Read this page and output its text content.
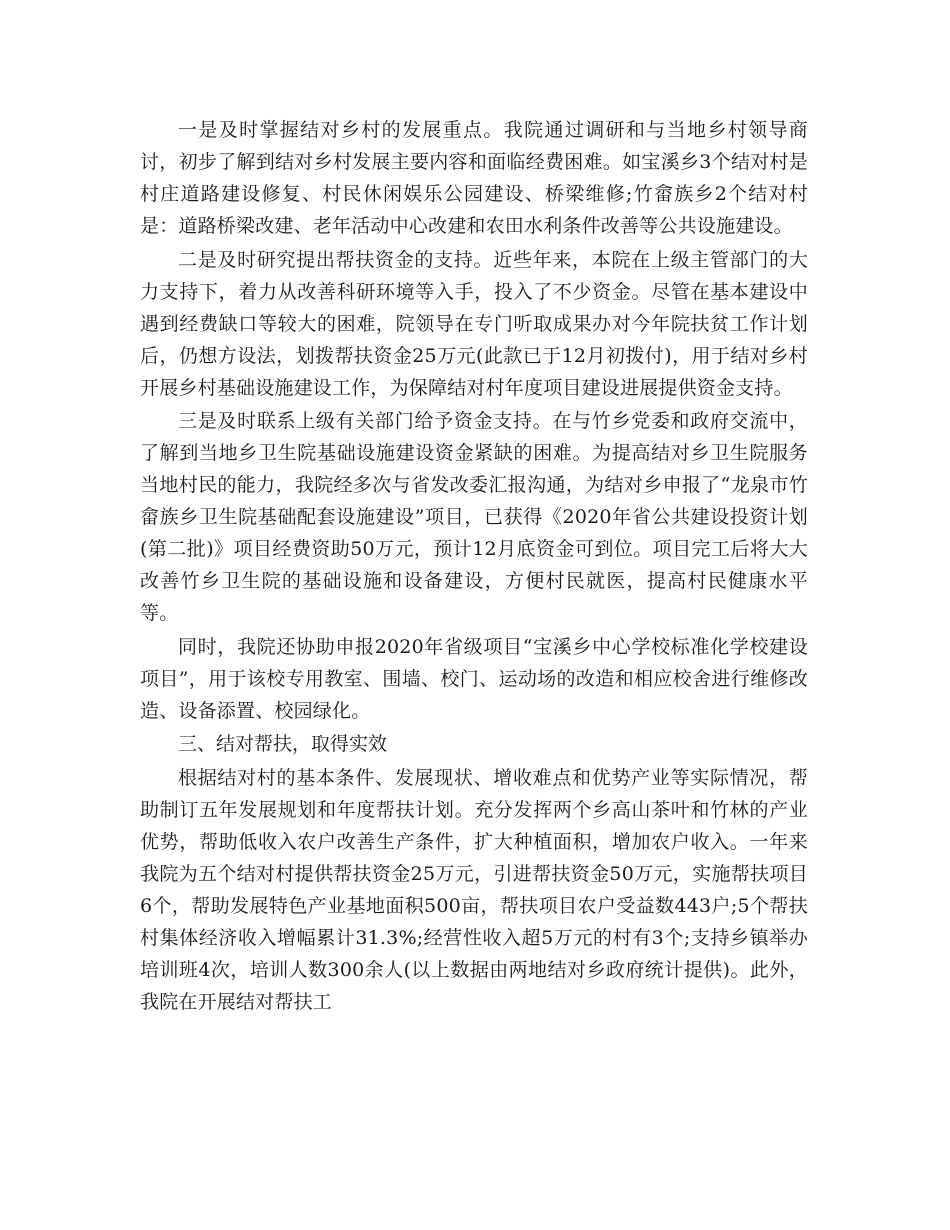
一是及时掌握结对乡村的发展重点。我院通过调研和与当地乡村领导商讨，初步了解到结对乡村发展主要内容和面临经费困难。如宝溪乡3个结对村是村庄道路建设修复、村民休闲娱乐公园建设、桥梁维修;竹畲族乡2个结对村是：道路桥梁改建、老年活动中心改建和农田水利条件改善等公共设施建设。

二是及时研究提出帮扶资金的支持。近些年来，本院在上级主管部门的大力支持下，着力从改善科研环境等入手，投入了不少资金。尽管在基本建设中遇到经费缺口等较大的困难，院领导在专门听取成果办对今年院扶贫工作计划后，仍想方设法，划拨帮扶资金25万元(此款已于12月初拨付)，用于结对乡村开展乡村基础设施建设工作，为保障结对村年度项目建设进展提供资金支持。

三是及时联系上级有关部门给予资金支持。在与竹乡党委和政府交流中，了解到当地乡卫生院基础设施建设资金紧缺的困难。为提高结对乡卫生院服务当地村民的能力，我院经多次与省发改委汇报沟通，为结对乡申报了“龙泉市竹畲族乡卫生院基础配套设施建设”项目，已获得《2020年省公共建设投资计划(第二批)》项目经费资助50万元，预计12月底资金可到位。项目完工后将大大改善竹乡卫生院的基础设施和设备建设，方便村民就医，提高村民健康水平等。

同时，我院还协助申报2020年省级项目“宝溪乡中心学校标准化学校建设项目”，用于该校专用教室、围墙、校门、运动场的改造和相应校舍进行维修改造、设备添置、校园绿化。

三、结对帮扶，取得实效

根据结对村的基本条件、发展现状、增收难点和优势产业等实际情况，帮助制订五年发展规划和年度帮扶计划。充分发挥两个乡高山茶叶和竹林的产业优势，帮助低收入农户改善生产条件，扩大种植面积，增加农户收入。一年来我院为五个结对村提供帮扶资金25万元，引进帮扶资金50万元，实施帮扶项目6个，帮助发展特色产业基地面积500亩，帮扶项目农户受益数443户;5个帮扶村集体经济收入增幅累计31.3%;经营性收入超5万元的村有3个;支持乡镇举办培训班4次，培训人数300余人(以上数据由两地结对乡政府统计提供)。此外，我院在开展结对帮扶工
